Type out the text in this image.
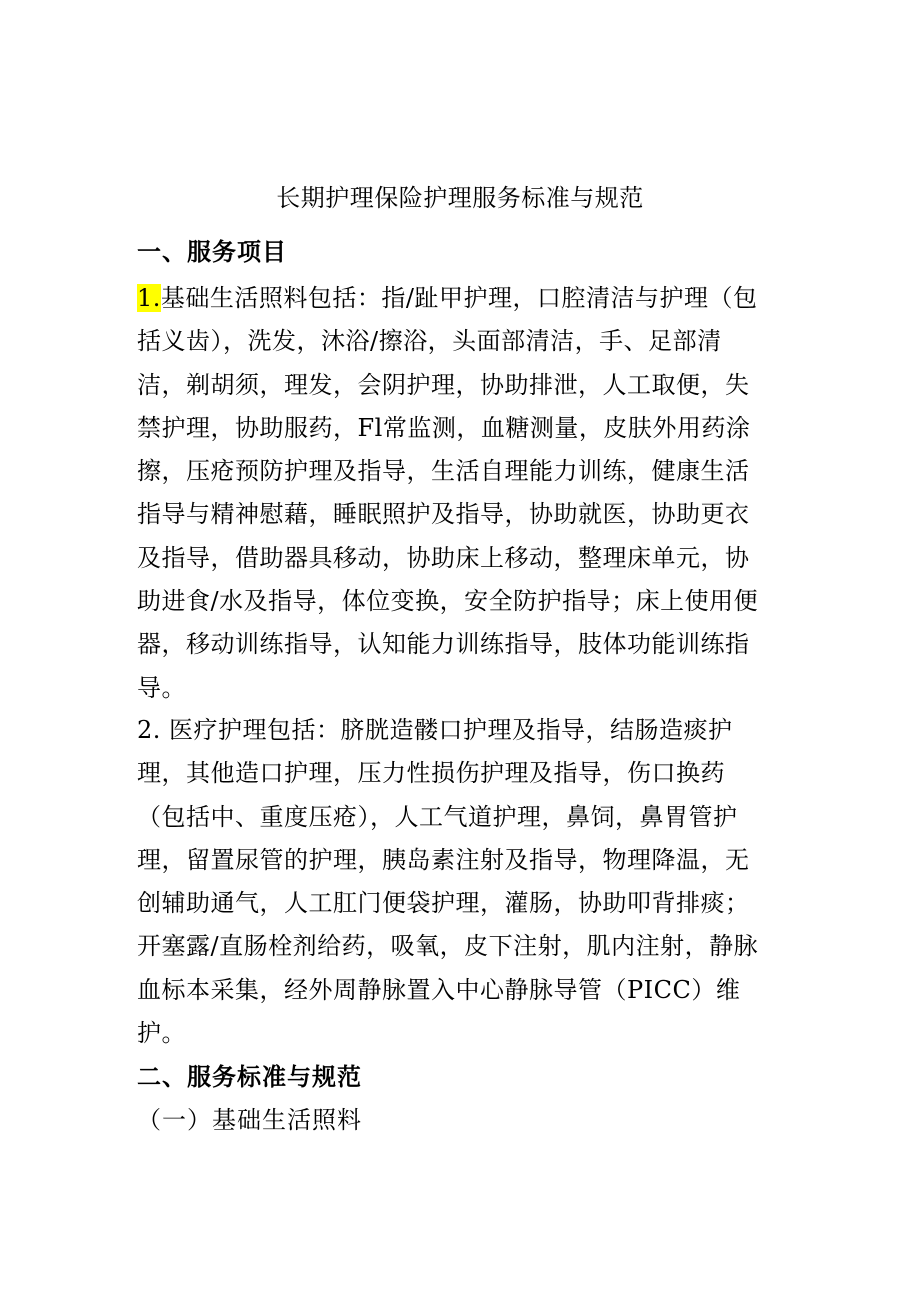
长期护理保险护理服务标准与规范
一、服务项目
1.基础生活照料包括：指/趾甲护理，口腔清洁与护理（包
括义齿），洗发，沐浴/擦浴，头面部清洁，手、足部清
洁，剃胡须，理发，会阴护理，协助排泄，人工取便，失
禁护理，协助服药，Fl常监测，血糖测量，皮肤外用药涂
擦，压疮预防护理及指导，生活自理能力训练，健康生活
指导与精神慰藉，睡眠照护及指导，协助就医，协助更衣
及指导，借助器具移动，协助床上移动，整理床单元，协
助进食/水及指导，体位变换，安全防护指导；床上使用便
器，移动训练指导，认知能力训练指导，肢体功能训练指
导。
2. 医疗护理包括：脐胱造髅口护理及指导，结肠造痰护
理，其他造口护理，压力性损伤护理及指导，伤口换药
（包括中、重度压疮），人工气道护理，鼻饲，鼻胃管护
理，留置尿管的护理，胰岛素注射及指导，物理降温，无
创辅助通气，人工肛门便袋护理，灌肠，协助叩背排痰；
开塞露/直肠栓剂给药，吸氧，皮下注射，肌内注射，静脉
血标本采集，经外周静脉置入中心静脉导管（PICC）维
护。
二、服务标准与规范
（一）基础生活照料
